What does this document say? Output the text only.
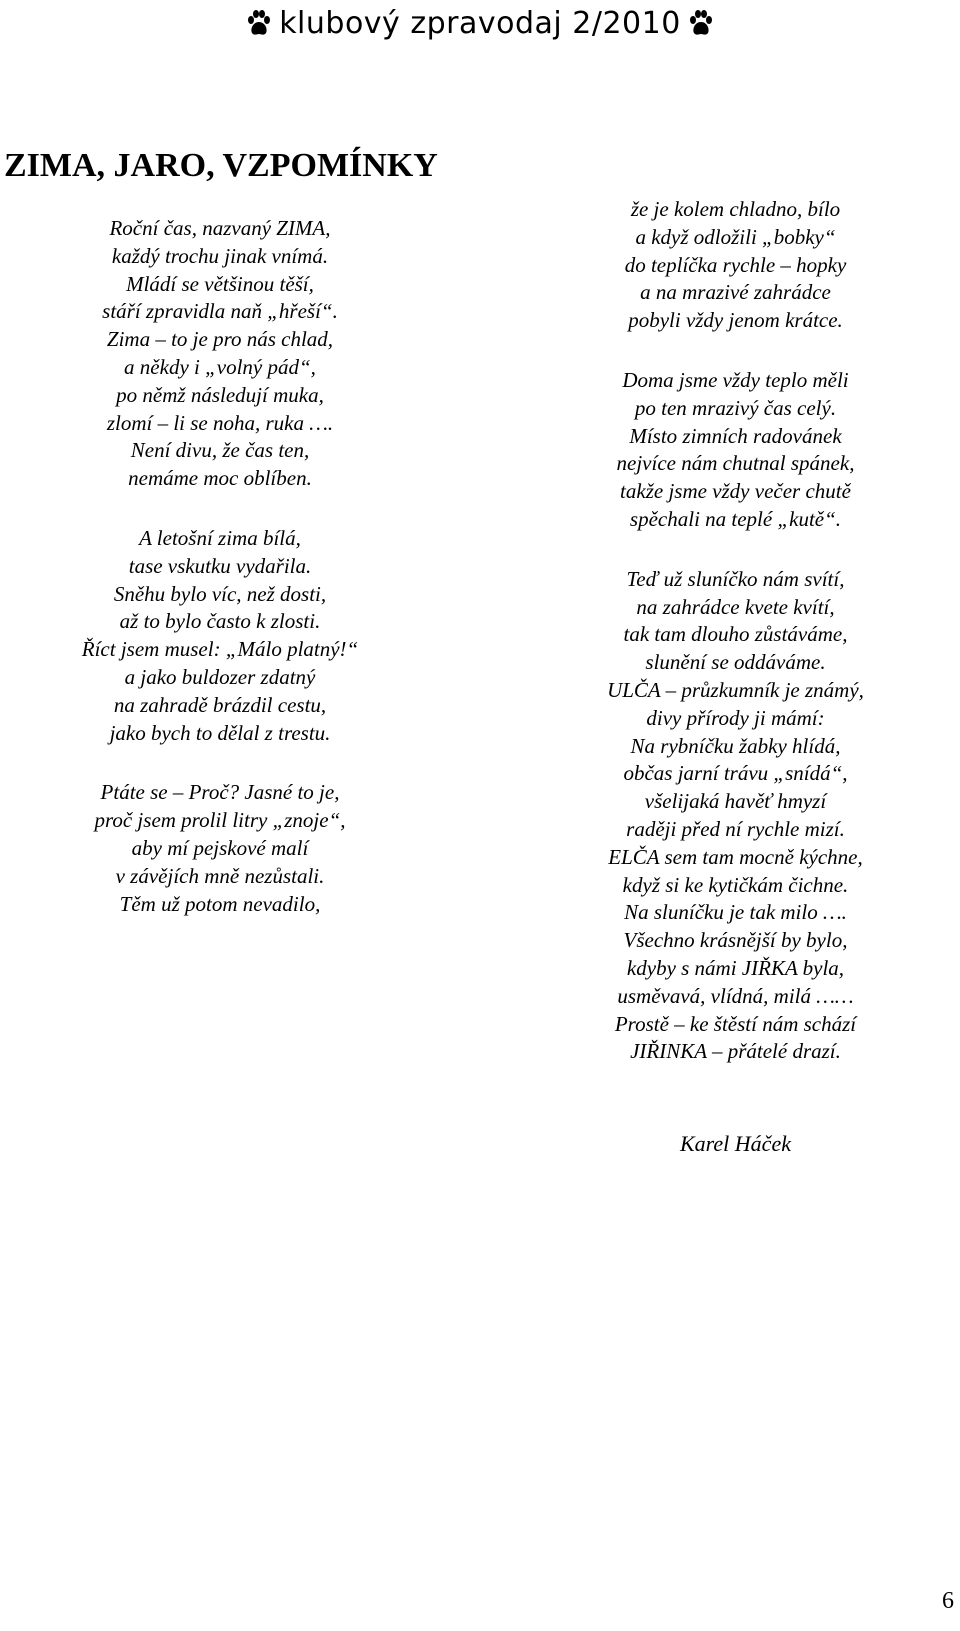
klubový zpravodaj 2/2010
ZIMA, JARO, VZPOMÍNKY
Roční čas, nazvaný ZIMA,
každý trochu jinak vnímá.
Mládí se většinou těší,
stáří zpravidla naň „hřeší“.
Zima – to je pro nás chlad,
a někdy i „volný pád“,
po němž následují muka,
zlomí – li se noha, ruka ….
Není divu, že čas ten,
nemáme moc oblíben.
A letošní zima bílá,
tase vskutku vydařila.
Sněhu bylo víc, než dosti,
až to bylo často k zlosti.
Říct jsem musel: „Málo platný!“
a jako buldozer zdatný
na zahradě brázdil cestu,
jako bych to dělal z trestu.
Ptáte se – Proč? Jasné to je,
proč jsem prolil litry „znoje“,
aby mí pejskové malí
v závějích mně nezůstali.
Těm už potom nevadilo,
že je kolem chladno, bílo
a když odložili „bobky“
do teplíčka rychle – hopky
a na mrazivé zahrádce
pobyli vždy jenom krátce.
Doma jsme vždy teplo měli
po ten mrazivý čas celý.
Místo zimních radovánek
nejvíce nám chutnal spánek,
takže jsme vždy večer chutě
spěchali na teplé „kutě“.
Teď už sluníčko nám svítí,
na zahrádce kvete kvítí,
tak tam dlouho zůstáváme,
slunění se oddáváme.
ULČA – průzkumník je známý,
divy přírody ji mámí:
Na rybníčku žabky hlídá,
občas jarní trávu „snídá“,
všelijaká havěť hmyzí
raději před ní rychle mizí.
ELČA sem tam mocně kýchne,
když si ke kytičkám čichne.
Na sluníčku je tak milo ….
Všechno krásnější by bylo,
kdyby s námi JIŘKA byla,
usměvavá, vlídná, milá ……
Prostě – ke štěstí nám schází
JIŘINKA – přátelé drazí.
Karel Háček
6
